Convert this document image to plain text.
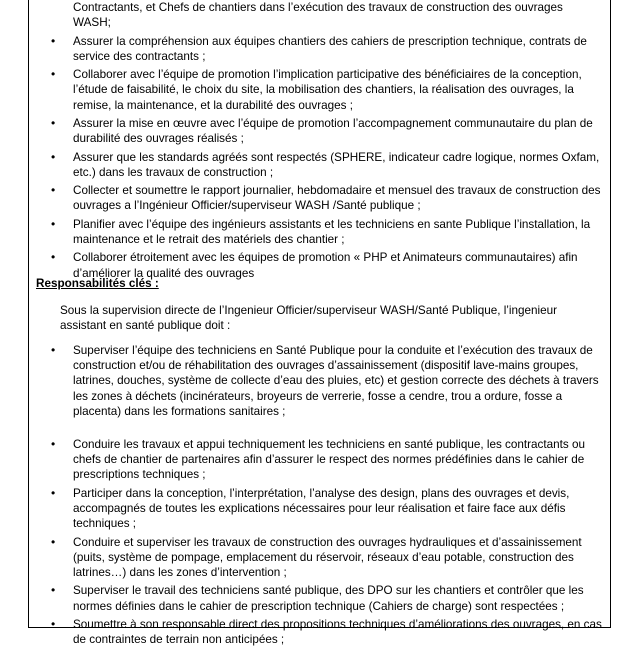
Contractants, et Chefs de chantiers dans l’exécution des travaux de construction des ouvrages WASH;
• Assurer la compréhension aux équipes chantiers des cahiers de prescription technique, contrats de service des contractants ;
• Collaborer avec l’équipe de promotion l’implication participative des bénéficiaires de la conception, l’étude de faisabilité, le choix du site, la mobilisation des chantiers, la réalisation des ouvrages, la remise, la maintenance, et la durabilité des ouvrages ;
• Assurer la mise en œuvre avec l’équipe de promotion l’accompagnement communautaire du plan de durabilité des ouvrages réalisés ;
• Assurer que les standards agréés sont respectés (SPHERE, indicateur cadre logique, normes Oxfam, etc.) dans les travaux de construction ;
• Collecter et soumettre le rapport journalier, hebdomadaire et mensuel des travaux de construction des ouvrages a l’Ingénieur Officier/superviseur WASH /Santé publique ;
• Planifier avec l’équipe des ingénieurs assistants et les techniciens en sante Publique l’installation, la maintenance et le retrait des matériels des chantier ;
• Collaborer étroitement avec les équipes de promotion « PHP et Animateurs communautaires) afin d’améliorer la qualité des ouvrages
Responsabilités clés :
Sous la supervision directe de l’Ingenieur Officier/superviseur WASH/Santé Publique, l’ingenieur assistant en santé publique doit :
• Superviser l’équipe des techniciens en Santé Publique pour la conduite et l’exécution des travaux de construction et/ou de réhabilitation des ouvrages d’assainissement (dispositif lave-mains groupes, latrines, douches, système de collecte d’eau des pluies, etc) et gestion correcte des déchets à travers les zones à déchets (incinérateurs, broyeurs de verrerie, fosse a cendre, trou a ordure, fosse a placenta) dans les formations sanitaires ;
• Conduire les travaux et appui techniquement les techniciens en santé publique, les contractants ou chefs de chantier de partenaires afin d’assurer le respect des normes prédéfinies dans le cahier de prescriptions techniques ;
• Participer dans la conception, l’interprétation, l’analyse des design, plans des ouvrages et devis, accompagnés de toutes les explications nécessaires pour leur réalisation et faire face aux défis techniques ;
• Conduire et superviser les travaux de construction des ouvrages hydrauliques et d’assainissement (puits, système de pompage, emplacement du réservoir, réseaux d’eau potable, construction des latrines…) dans les zones d’intervention ;
• Superviser le travail des techniciens santé publique, des DPO sur les chantiers et contrôler que les normes définies dans le cahier de prescription technique (Cahiers de charge) sont respectées ;
• Soumettre à son responsable direct des propositions techniques d’améliorations des ouvrages, en cas de contraintes de terrain non anticipées ;
